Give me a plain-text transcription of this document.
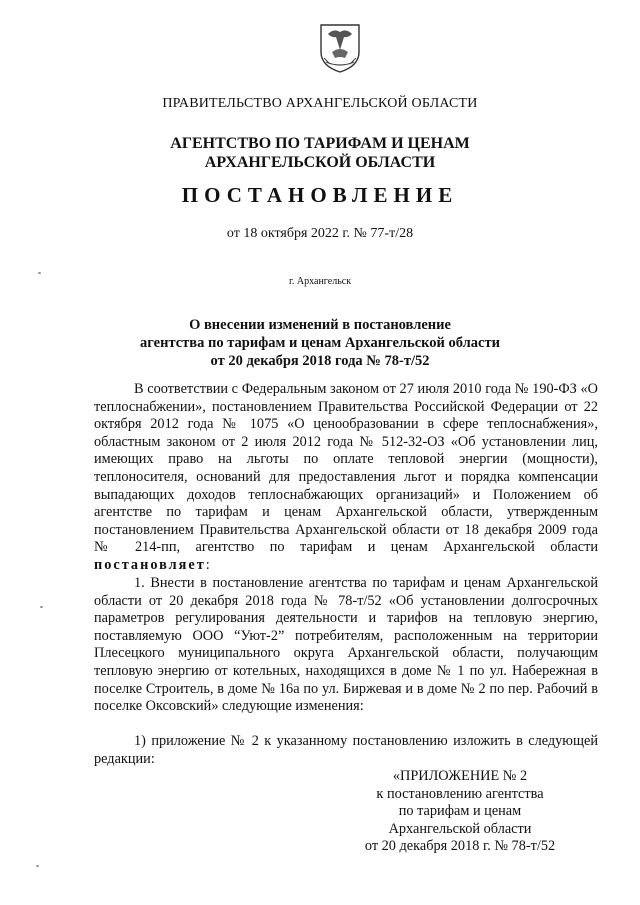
ПРАВИТЕЛЬСТВО АРХАНГЕЛЬСКОЙ ОБЛАСТИ
АГЕНТСТВО ПО ТАРИФАМ И ЦЕНАМ
АРХАНГЕЛЬСКОЙ ОБЛАСТИ
ПОСТАНОВЛЕНИЕ
от 18 октября 2022 г. № 77-т/28
г. Архангельск
О внесении изменений в постановление
агентства по тарифам и ценам Архангельской области
от 20 декабря 2018 года № 78-т/52
В соответствии с Федеральным законом от 27 июля 2010 года № 190-ФЗ «О теплоснабжении», постановлением Правительства Российской Федерации от 22 октября 2012 года № 1075 «О ценообразовании в сфере теплоснабжения», областным законом от 2 июля 2012 года № 512-32-ОЗ «Об установлении лиц, имеющих право на льготы по оплате тепловой энергии (мощности), теплоносителя, оснований для предоставления льгот и порядка компенсации выпадающих доходов теплоснабжающих организаций» и Положением об агентстве по тарифам и ценам Архангельской области, утвержденным постановлением Правительства Архангельской области от 18 декабря 2009 года № 214-пп, агентство по тарифам и ценам Архангельской области постановляет:
1. Внести в постановление агентства по тарифам и ценам Архангельской области от 20 декабря 2018 года № 78-т/52 «Об установлении долгосрочных параметров регулирования деятельности и тарифов на тепловую энергию, поставляемую ООО “Уют-2” потребителям, расположенным на территории Плесецкого муниципального округа Архангельской области, получающим тепловую энергию от котельных, находящихся в доме № 1 по ул. Набережная в поселке Строитель, в доме № 16а по ул. Биржевая и в доме № 2 по пер. Рабочий в поселке Оксовский» следующие изменения:
1) приложение № 2 к указанному постановлению изложить в следующей редакции:
«ПРИЛОЖЕНИЕ № 2
к постановлению агентства
по тарифам и ценам
Архангельской области
от 20 декабря 2018 г. № 78-т/52
